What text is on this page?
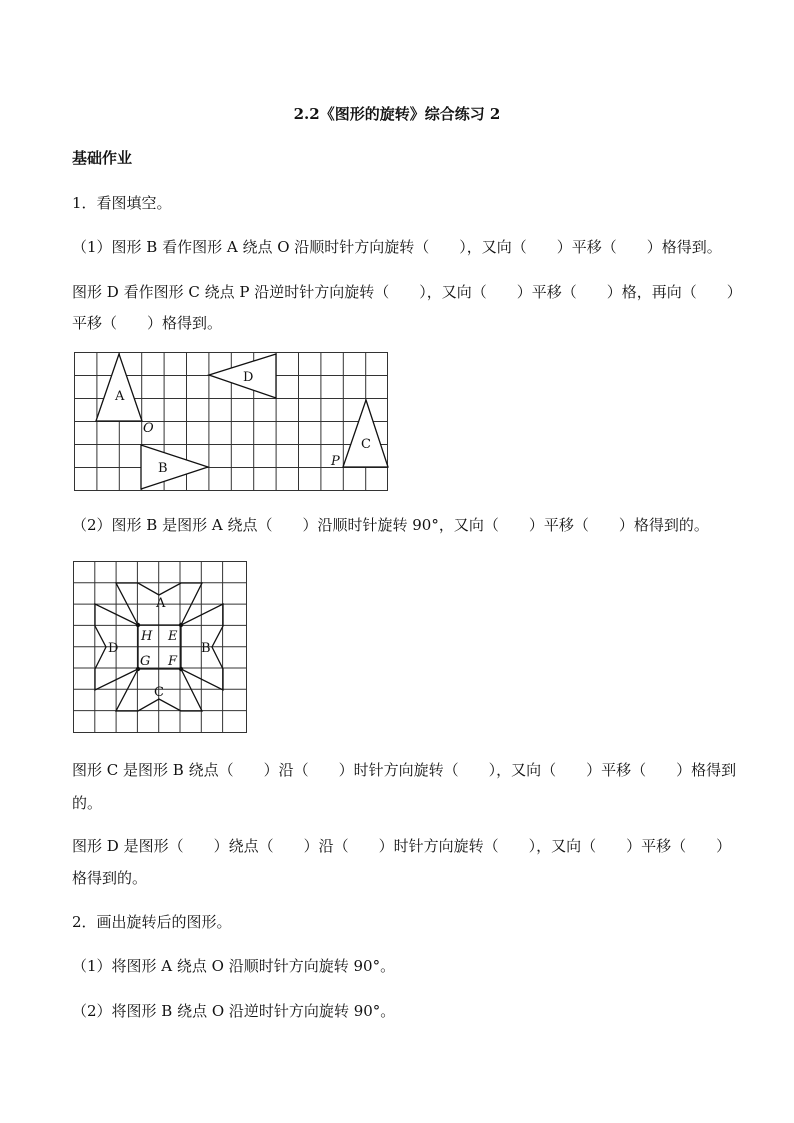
2.2《图形的旋转》综合练习 2
基础作业
1．看图填空。
（1）图形 B 看作图形 A 绕点 O 沿顺时针方向旋转（　　），又向（　　）平移（　　）格得到。
图形 D 看作图形 C 绕点 P 沿逆时针方向旋转（　　），又向（　　）平移（　　）格，再向（　　）
平移（　　）格得到。
A
B
C
D
O
P
（2）图形 B 是图形 A 绕点（　　）沿顺时针旋转 90°，又向（　　）平移（　　）格得到的。
A
B
C
D
H E
G F
图形 C 是图形 B 绕点（　　）沿（　　）时针方向旋转（　　），又向（　　）平移（　　）格得到
的。
图形 D 是图形（　　）绕点（　　）沿（　　）时针方向旋转（　　），又向（　　）平移（　　）
格得到的。
2．画出旋转后的图形。
（1）将图形 A 绕点 O 沿顺时针方向旋转 90°。
（2）将图形 B 绕点 O 沿逆时针方向旋转 90°。
